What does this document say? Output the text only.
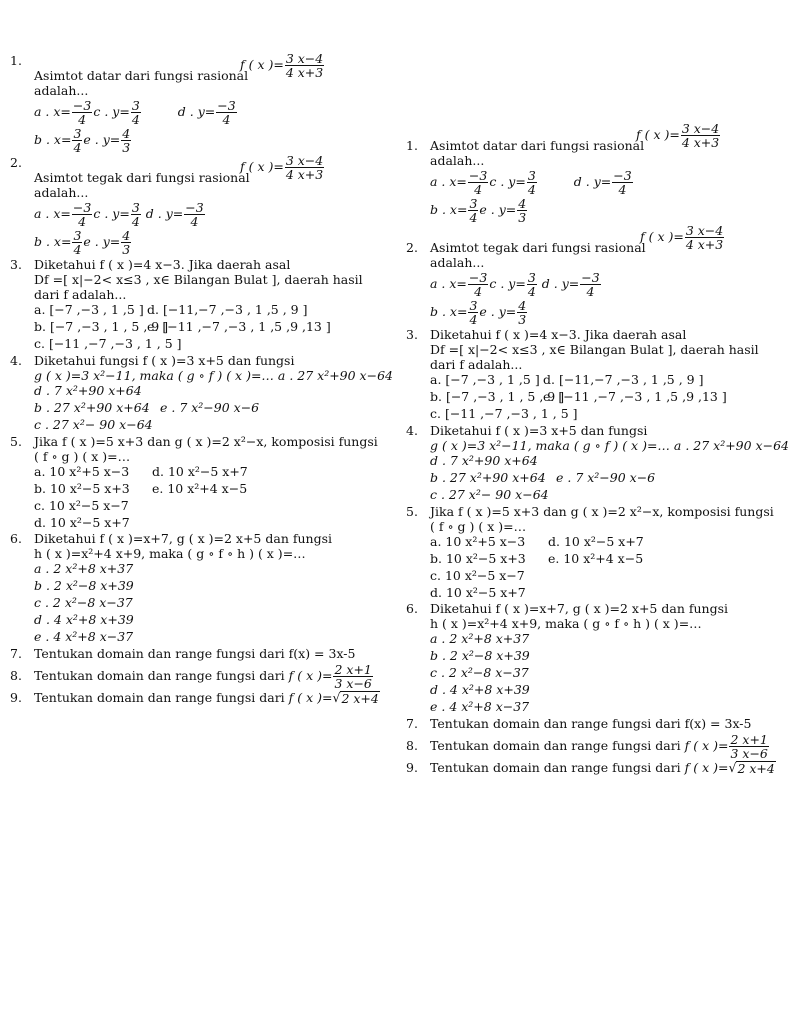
1.	f ( x )= $\frac{3 x-4}{4 x+3}$
Asimtot datar dari fungsi rasional
adalah...
a . $x= \frac{-3}{4}$ c . $y= \frac{3}{4}$	d . $y= \frac{-3}{4}$
b . $x= \frac{3}{4}$ e . $y= \frac{4}{3}$
2.	f ( x )= $\frac{3 x-4}{4 x+3}$
Asimtot tegak dari fungsi rasional
adalah...
a . $x= \frac{-3}{4}$ c . $y= \frac{3}{4}$ d . $y= \frac{-3}{4}$
b . $x= \frac{3}{4}$ e . $y= \frac{4}{3}$
3. Diketahui f ( x )=4 x−3. Jika daerah asal
Df =[ x|−2< x≤3 , x∈ Bilangan Bulat ], daerah hasil
dari f adalah...
a. [−7 ,−3 , 1 ,5 ] d. [−11,−7 ,−3 , 1 ,5 , 9 ]
b. [−7 ,−3 , 1 , 5 , 9 ]
e. [−11 ,−7 ,−3 , 1 ,5 ,9 ,13 ]
c. [−11 ,−7 ,−3 , 1 , 5 ]
4. Diketahui fungsi f ( x )=3 x+5 dan fungsi
g ( x )=3 x²−11, maka ( g ∘ f ) ( x )=… a . 27 x²+90 x−64
d . 7 x²+90 x+64
b . 27 x²+90 x+64 e . 7 x²−90 x−6
c . 27 x²− 90 x−64
5. Jika f ( x )=5 x+3 dan g ( x )=2 x²−x, komposisi fungsi
( f ∘ g ) ( x )=…
a. 10 x²+5 x−3	d. 10 x²−5 x+7
b. 10 x²−5 x+3	e. 10 x²+4 x−5
c. 10 x²−5 x−7
d. 10 x²−5 x+7
6. Diketahui f ( x )=x+7, g ( x )=2 x+5 dan fungsi
h ( x )=x²+4 x+9, maka ( g ∘ f ∘ h ) ( x )=…
a . 2 x²+8 x+37
b . 2 x²−8 x+39
c . 2 x²−8 x−37
d . 4 x²+8 x+39
e . 4 x²+8 x−37
7. Tentukan domain dan range fungsi dari f(x) = 3x-5
8. Tentukan domain dan range fungsi dari
f ( x )= $\frac{2 x+1}{3 x-6}$
9. Tentukan domain dan range fungsi dari
f ( x )= √ 2 x+4
1.
f ( x )= $\frac{3 x-4}{4 x+3}$
Asimtot datar dari fungsi rasional
adalah...
a . $x= \frac{-3}{4}$ c . $y= \frac{3}{4}$	d . $y= \frac{-3}{4}$
b . $x= \frac{3}{4}$ e . $y= \frac{4}{3}$
2.
f ( x )= $\frac{3 x-4}{4 x+3}$
Asimtot tegak dari fungsi rasional
adalah...
a . $x= \frac{-3}{4}$ c . $y= \frac{3}{4}$ d . $y= \frac{-3}{4}$
b . $x= \frac{3}{4}$ e . $y= \frac{4}{3}$
3. Diketahui f ( x )=4 x−3. Jika daerah asal
Df =[ x|−2< x≤3 , x∈ Bilangan Bulat ], daerah hasil
dari f adalah...
a. [−7 ,−3 , 1 ,5 ] d. [−11,−7 ,−3 , 1 ,5 , 9 ]
b. [−7 ,−3 , 1 , 5 , 9 ]
e. [−11 ,−7 ,−3 , 1 ,5 ,9 ,13 ]
c. [−11 ,−7 ,−3 , 1 , 5 ]
4. Diketahui f ( x )=3 x+5 dan fungsi
g ( x )=3 x²−11, maka ( g ∘ f ) ( x )=… a . 27 x²+90 x−64
d . 7 x²+90 x+64
b . 27 x²+90 x+64 e . 7 x²−90 x−6
c . 27 x²− 90 x−64
5. Jika f ( x )=5 x+3 dan g ( x )=2 x²−x, komposisi fungsi
( f ∘ g ) ( x )=…
a. 10 x²+5 x−3	d. 10 x²−5 x+7
b. 10 x²−5 x+3	e. 10 x²+4 x−5
c. 10 x²−5 x−7
d. 10 x²−5 x+7
6. Diketahui f ( x )=x+7, g ( x )=2 x+5 dan fungsi
h ( x )=x²+4 x+9, maka ( g ∘ f ∘ h ) ( x )=…
a . 2 x²+8 x+37
b . 2 x²−8 x+39
c . 2 x²−8 x−37
d . 4 x²+8 x+39
e . 4 x²+8 x−37
7. Tentukan domain dan range fungsi dari f(x) = 3x-5
8. Tentukan domain dan range fungsi dari
f ( x )= $\frac{2 x+1}{3 x-6}$
9. Tentukan domain dan range fungsi dari
f ( x )= √ 2 x+4
